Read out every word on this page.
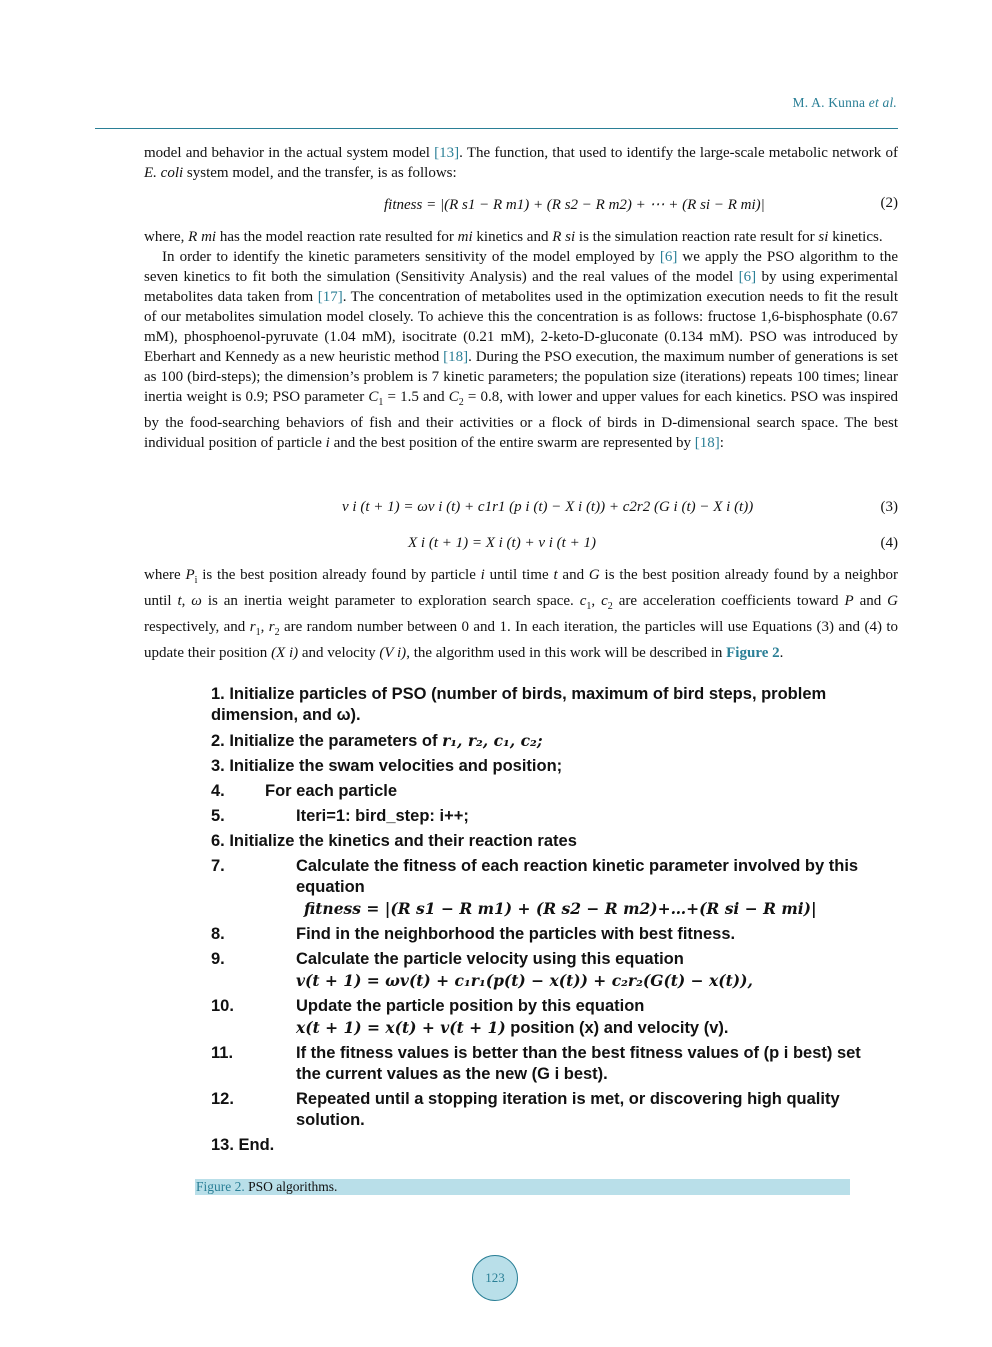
M. A. Kunna et al.

model and behavior in the actual system model [13]. The function, that used to identify the large-scale metabolic network of E. coli system model, and the transfer, is as follows:

fitness = |(R s1 − R m1) + (R s2 − R m2) + ⋯ + (R si − R mi)|	(2)

where, R mi has the model reaction rate resulted for mi kinetics and R si is the simulation reaction rate result for si kinetics.

In order to identify the kinetic parameters sensitivity of the model employed by [6] we apply the PSO algorithm to the seven kinetics to fit both the simulation (Sensitivity Analysis) and the real values of the model [6] by using experimental metabolites data taken from [17]. The concentration of metabolites used in the optimization execution needs to fit the result of our metabolites simulation model closely. To achieve this the concentration is as follows: fructose 1,6-bisphosphate (0.67 mM), phosphoenol-pyruvate (1.04 mM), isocitrate (0.21 mM), 2-keto-D-gluconate (0.134 mM). PSO was introduced by Eberhart and Kennedy as a new heuristic method [18]. During the PSO execution, the maximum number of generations is set as 100 (bird-steps); the dimension’s problem is 7 kinetic parameters; the population size (iterations) repeats 100 times; linear inertia weight is 0.9; PSO parameter $C_1 = 1.5$ and $C_2 = 0.8$, with lower and upper values for each kinetics. PSO was inspired by the food-searching behaviors of fish and their activities or a flock of birds in D-dimensional search space. The best individual position of particle i and the best position of the entire swarm are represented by [18]:

v i (t + 1) = ωv i (t) + c1r1 (p i (t) − X i (t)) + c2r2 (G i (t) − X i (t))	(3)
X i (t + 1) = X i (t) + v i (t + 1)	(4)

where $P_i$ is the best position already found by particle i until time t and G is the best position already found by a neighbor until t, ω is an inertia weight parameter to exploration search space. $c_1$, $c_2$ are acceleration coefficients toward P and G respectively, and $r_1$, $r_2$ are random number between 0 and 1. In each iteration, the particles will use Equations (3) and (4) to update their position (X i) and velocity (V i), the algorithm used in this work will be described in Figure 2.

1. Initialize particles of PSO (number of birds, maximum of bird steps, problem dimension, and ω).
2. Initialize the parameters of r₁, r₂, c₁, c₂;
3. Initialize the swam velocities and position;
4.	For each particle
5.	Iteri=1: bird_step: i++;
6. Initialize the kinetics and their reaction rates
7.	Calculate the fitness of each reaction kinetic parameter involved by this equation
fitness = |(R s1 − R m1) + (R s2 − R m2)+…+(R si − R mi)|
8.	Find in the neighborhood the particles with best fitness.
9.	Calculate the particle velocity using this equation
v(t + 1) = ωv(t) + c₁r₁(p(t) − x(t)) + c₂r₂(G(t) − x(t)),
10.	Update the particle position by this equation
x(t + 1) = x(t) + v(t + 1) position (x) and velocity (v).
11.	If the fitness values is better than the best fitness values of (p i best) set the current values as the new (G i best).
12.	Repeated until a stopping iteration is met, or discovering high quality solution.
13. End.
Figure 2. PSO algorithms.
123
